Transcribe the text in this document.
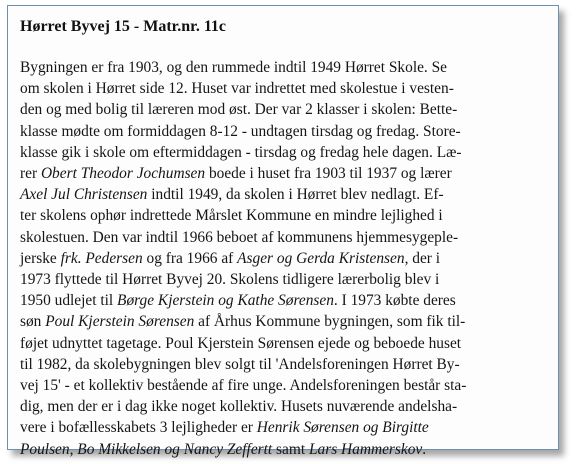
Hørret Byvej 15 - Matr.nr. 11c
Bygningen er fra 1903, og den rummede indtil 1949 Hørret Skole. Se
om skolen i Hørret side 12. Huset var indrettet med skolestue i vesten-
den og med bolig til læreren mod øst. Der var 2 klasser i skolen: Bette-
klasse mødte om formiddagen 8-12 - undtagen tirsdag og fredag. Store-
klasse gik i skole om eftermiddagen - tirsdag og fredag hele dagen. Læ-
rer Obert Theodor Jochumsen boede i huset fra 1903 til 1937 og lærer
Axel Jul Christensen indtil 1949, da skolen i Hørret blev nedlagt. Ef-
ter skolens ophør indrettede Mårslet Kommune en mindre lejlighed i
skolestuen. Den var indtil 1966 beboet af kommunens hjemmesygeple-
jerske frk. Pedersen og fra 1966 af Asger og Gerda Kristensen, der i
1973 flyttede til Hørret Byvej 20. Skolens tidligere lærerbolig blev i
1950 udlejet til Børge Kjerstein og Kathe Sørensen. I 1973 købte deres
søn Poul Kjerstein Sørensen af Århus Kommune bygningen, som fik til-
føjet udnyttet tagetage. Poul Kjerstein Sørensen ejede og beboede huset
til 1982, da skolebygningen blev solgt til 'Andelsforeningen Hørret By-
vej 15' - et kollektiv bestående af fire unge. Andelsforeningen består sta-
dig, men der er i dag ikke noget kollektiv. Husets nuværende andelsha-
vere i bofællesskabets 3 lejligheder er Henrik Sørensen og Birgitte
Poulsen, Bo Mikkelsen og Nancy Zeffertt samt Lars Hammerskov.
